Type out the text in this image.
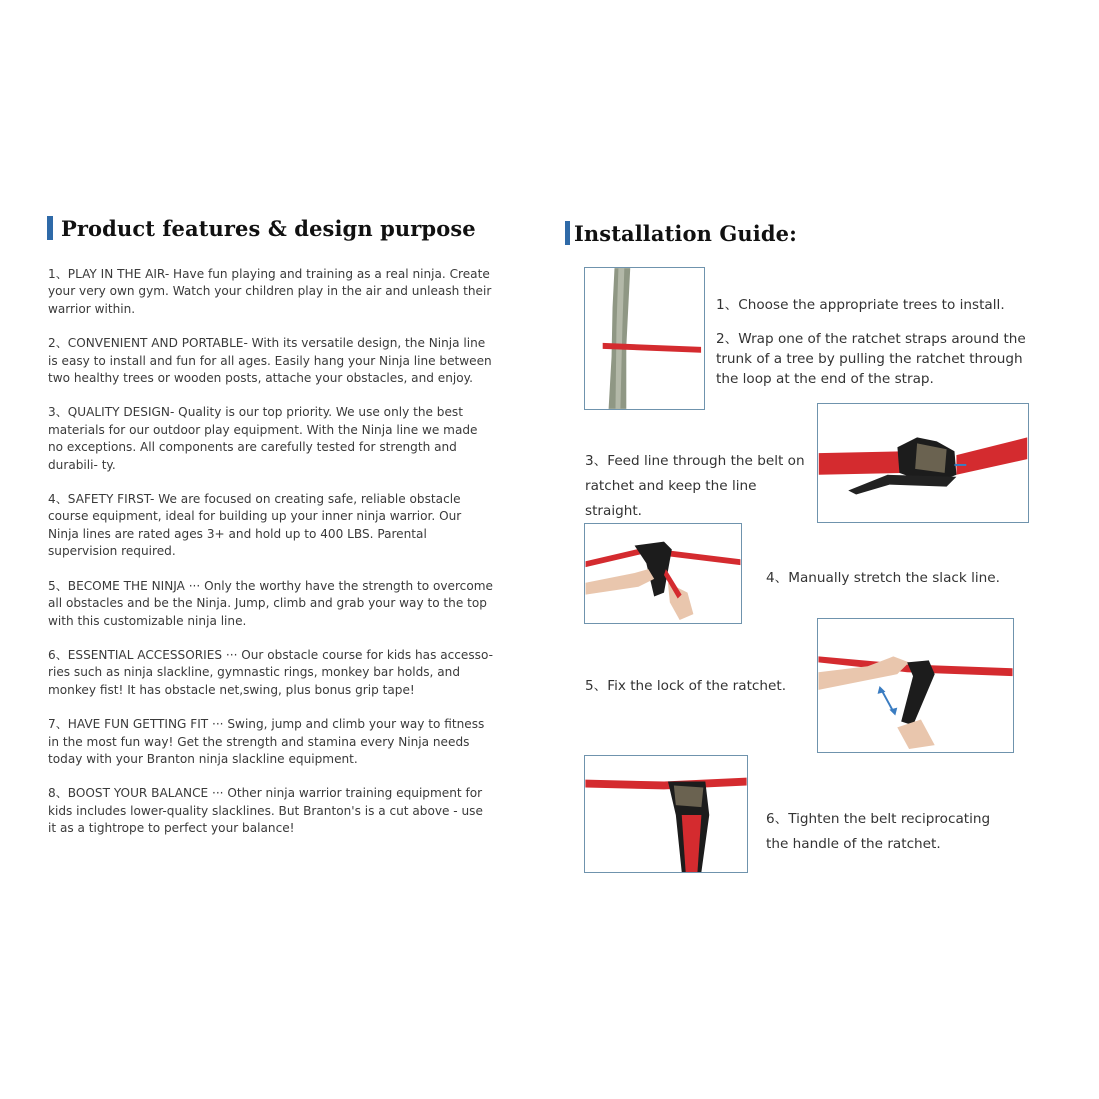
Product features & design purpose

1、PLAY IN THE AIR- Have fun playing and training as a real ninja. Create your very own gym. Watch your children play in the air and unleash their warrior within.

2、CONVENIENT AND PORTABLE- With its versatile design, the Ninja line is easy to install and fun for all ages. Easily hang your Ninja line between two healthy trees or wooden posts, attache your obstacles, and enjoy.

3、QUALITY DESIGN- Quality is our top priority. We use only the best materials for our outdoor play equipment. With the Ninja line we made no exceptions. All components are carefully tested for strength and durabili- ty.

4、SAFETY FIRST- We are focused on creating safe, reliable obstacle course equipment, ideal for building up your inner ninja warrior. Our Ninja lines are rated ages 3+ and hold up to 400 LBS. Parental supervision required.

5、BECOME THE NINJA ··· Only the worthy have the strength to overcome all obstacles and be the Ninja. Jump, climb and grab your way to the top with this customizable ninja line.

6、ESSENTIAL ACCESSORIES ··· Our obstacle course for kids has accesso- ries such as ninja slackline, gymnastic rings, monkey bar holds, and monkey fist! It has obstacle net,swing, plus bonus grip tape!

7、HAVE FUN GETTING FIT ··· Swing, jump and climb your way to fitness in the most fun way! Get the strength and stamina every Ninja needs today with your Branton ninja slackline equipment.

8、BOOST YOUR BALANCE ··· Other ninja warrior training equipment for kids includes lower-quality slacklines. But Branton's is a cut above - use it as a tightrope to perfect your balance!

Installation Guide:
1、Choose the appropriate trees to install.
2、Wrap one of the ratchet straps around the trunk of a tree by pulling the ratchet through the loop at the end of the strap.
3、Feed line through the belt on ratchet and keep the line straight.
4、Manually stretch the slack line.
5、Fix the lock of the ratchet.
6、Tighten the belt reciprocating the handle of the ratchet.
